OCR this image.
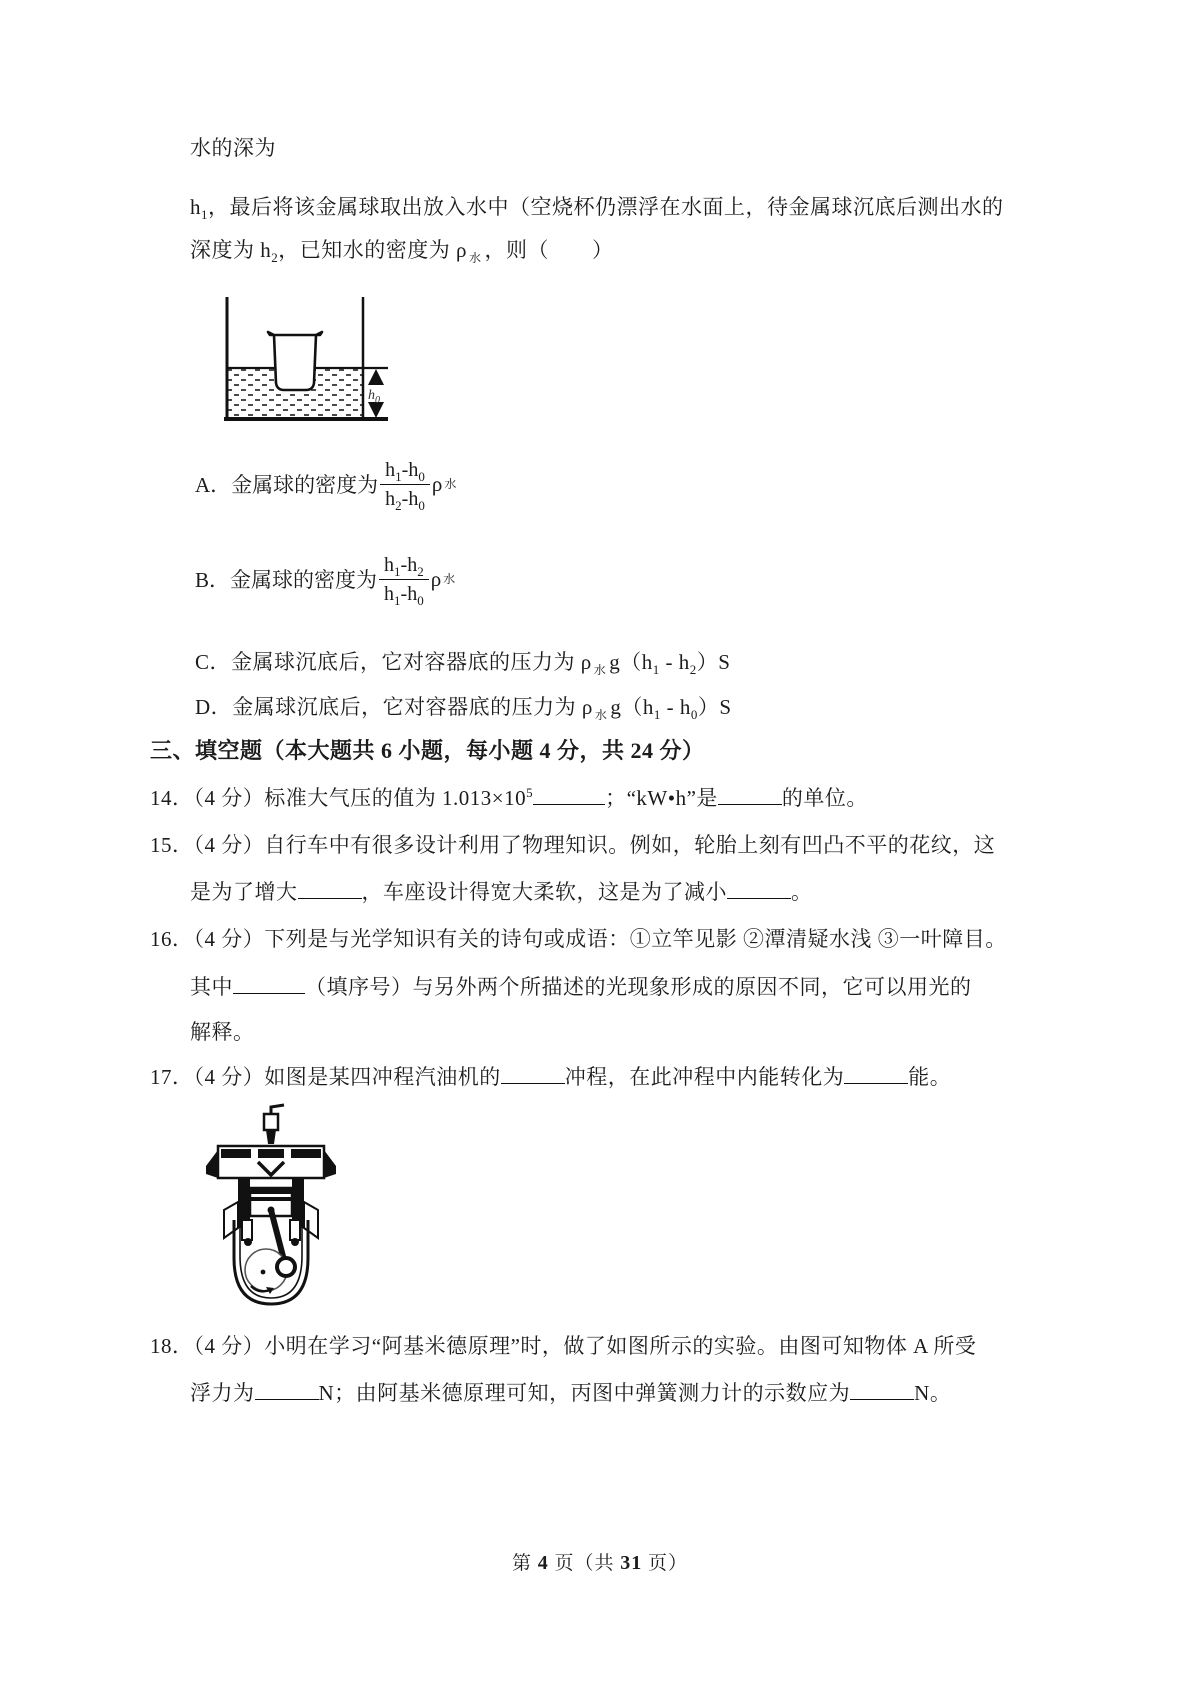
水的深为
$h_1$，最后将该金属球取出放入水中（空烧杯仍漂浮在水面上，待金属球沉底后测出水的
深度为 $h_2$，已知水的密度为 ρ $_水$ ，则（　　）
$h_0$
A． 金属球的密度为 $\frac{h_1-h_0}{h_2-h_0}$ ρ 水
B． 金属球的密度为 $\frac{h_1-h_2}{h_1-h_0}$ ρ 水
C．金属球沉底后，它对容器底的压力为 ρ $_水$ $g(h_1 - h_2)S$
D．金属球沉底后，它对容器底的压力为 ρ $_水$ $g(h_1 - h_0)S$
三、填空题（本大题共 6 小题，每小题 4 分，共 24 分）
14．（4 分）标准大气压的值为 $1.013\times 10^5$	；“kW•h”是	的单位。
15．（4 分）自行车中有很多设计利用了物理知识。例如，轮胎上刻有凹凸不平的花纹，这
是为了增大	，车座设计得宽大柔软，这是为了减小	。
16．（4 分）下列是与光学知识有关的诗句或成语：①立竿见影 ②潭清疑水浅 ③一叶障目。
其中	（填序号）与另外两个所描述的光现象形成的原因不同，它可以用光的
解释。
17．（4 分）如图是某四冲程汽油机的	冲程，在此冲程中内能转化为	能。
18．（4 分）小明在学习“阿基米德原理”时，做了如图所示的实验。由图可知物体 A 所受
浮力为	N；由阿基米德原理可知，丙图中弹簧测力计的示数应为	N。
第 4 页（共 31 页）
